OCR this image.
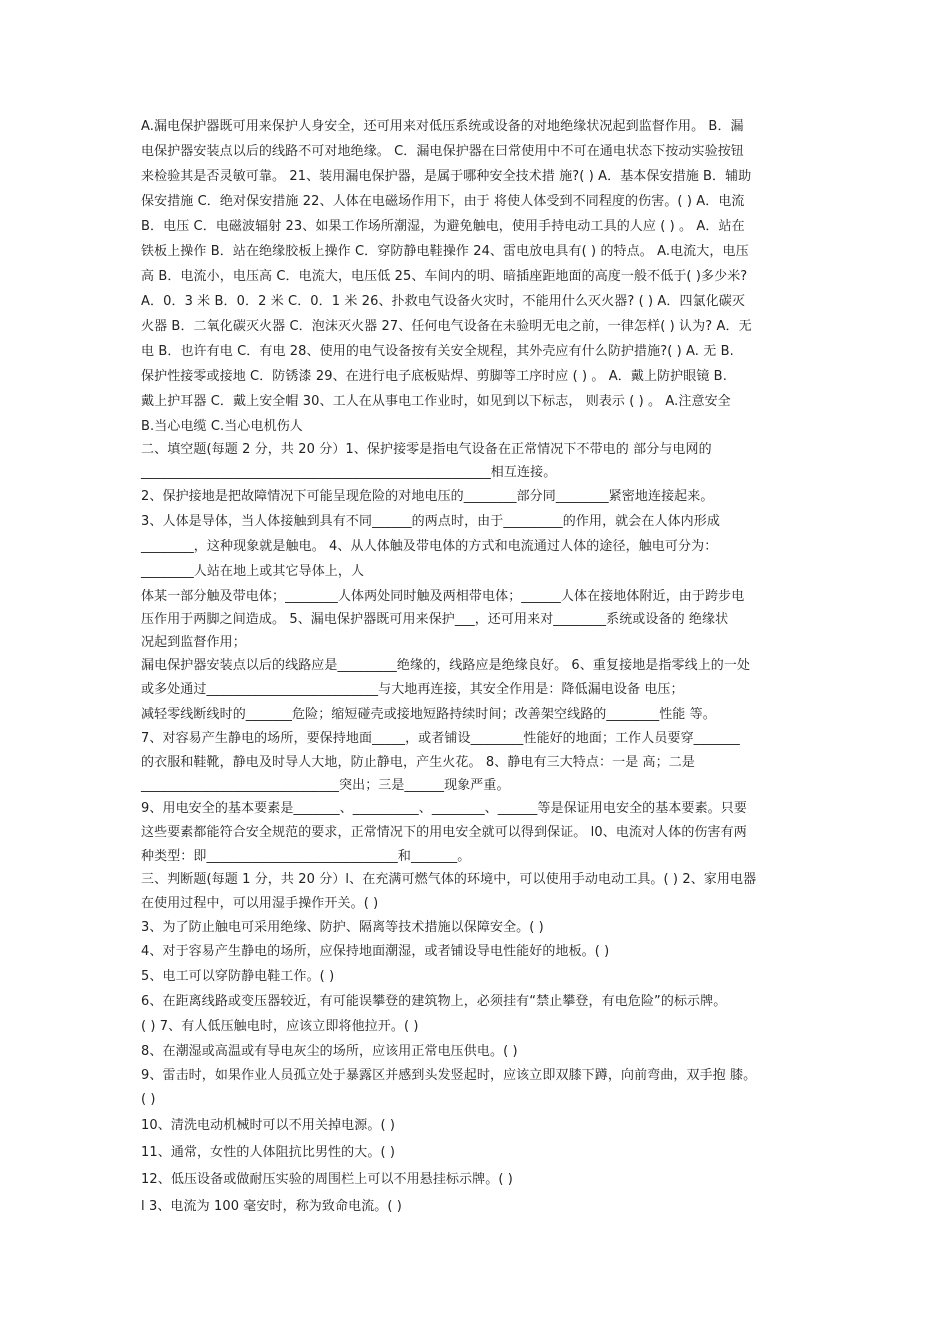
A.漏电保护器既可用来保护人身安全，还可用来对低压系统或设备的对地绝缘状况起到监督作用。 B．漏
电保护器安装点以后的线路不可对地绝缘。 C．漏电保护器在曰常使用中不可在通电状态下按动实验按钮
来检验其是否灵敏可靠。 21、装用漏电保护器，是属于哪种安全技术措 施?( ) A．基本保安措施 B．辅助
保安措施 C．绝对保安措施 22、人体在电磁场作用下，由于 将使人体受到不同程度的伤害。( ) A．电流
B．电压 C．电磁波辐射 23、如果工作场所潮湿，为避免触电，使用手持电动工具的人应 ( ) 。 A．站在
铁板上操作 B．站在绝缘胶板上操作 C．穿防静电鞋操作 24、雷电放电具有( ) 的特点。 A.电流大，电压
高 B．电流小，电压高 C．电流大，电压低 25、车间内的明、暗插座距地面的高度一般不低于( )多少米?
A．0．3 米 B．0．2 米 C．0．1 米 26、扑救电气设备火灾时，不能用什么灭火器? ( ) A．四氯化碳灭
火器 B．二氧化碳灭火器 C．泡沫灭火器 27、任何电气设备在未验明无电之前，一律怎样( ) 认为? A．无
电 B．也许有电 C．有电 28、使用的电气设备按有关安全规程，其外壳应有什么防护措施?( ) A. 无 B.
保护性接零或接地 C．防锈漆 29、在进行电子底板贴焊、剪脚等工序时应 ( ) 。 A．戴上防护眼镜 B.
戴上护耳器 C．戴上安全帽 30、工人在从事电工作业时，如见到以下标志， 则表示 ( ) 。 A.注意安全
B.当心电缆 C.当心电机伤人
二、填空题(每题 2 分，共 20 分）1、保护接零是指电气设备在正常情况下不带电的 部分与电网的
_____________________________________________________相互连接。
2、保护接地是把故障情况下可能呈现危险的对地电压的________部分同________紧密地连接起来。
3、人体是导体，当人体接触到具有不同______的两点时，由于_________的作用，就会在人体内形成
________，这种现象就是触电。 4、从人体触及带电体的方式和电流通过人体的途径，触电可分为：
________人站在地上或其它导体上，人
体某一部分触及带电体；________人体两处同时触及两相带电体；______人体在接地体附近，由于跨步电
压作用于两脚之间造成。 5、漏电保护器既可用来保护___，还可用来对________系统或设备的 绝缘状
况起到监督作用；
漏电保护器安装点以后的线路应是_________绝缘的，线路应是绝缘良好。 6、重复接地是指零线上的一处
或多处通过__________________________与大地再连接，其安全作用是：降低漏电设备 电压；
减轻零线断线时的_______危险；缩短碰壳或接地短路持续时间；改善架空线路的________性能 等。
7、对容易产生静电的场所，要保持地面_____，或者铺设________性能好的地面；工作人员要穿_______
的衣服和鞋靴，静电及时导人大地，防止静电，产生火花。 8、静电有三大特点：一是 高；二是
______________________________突出；三是______现象严重。
9、用电安全的基本要素是_______、__________、________、______等是保证用电安全的基本要素。只要
这些要素都能符合安全规范的要求，正常情况下的用电安全就可以得到保证。 l0、电流对人体的伤害有两
种类型：即_____________________________和_______。
三、判断题(每题 1 分，共 20 分）l、在充满可燃气体的环境中，可以使用手动电动工具。( ) 2、家用电器
在使用过程中，可以用湿手操作开关。( )
3、为了防止触电可采用绝缘、防护、隔离等技术措施以保障安全。( )
4、对于容易产生静电的场所，应保持地面潮湿，或者铺设导电性能好的地板。( )
5、电工可以穿防静电鞋工作。( )
6、在距离线路或变压器较近，有可能误攀登的建筑物上，必须挂有“禁止攀登，有电危险”的标示牌。
( ) 7、有人低压触电时，应该立即将他拉开。( )
8、在潮湿或高温或有导电灰尘的场所，应该用正常电压供电。( )
9、雷击时，如果作业人员孤立处于暴露区并感到头发竖起时，应该立即双膝下蹲，向前弯曲，双手抱 膝。
( )
10、清洗电动机械时可以不用关掉电源。( )
11、通常，女性的人体阻抗比男性的大。( )
12、低压设备或做耐压实验的周围栏上可以不用悬挂标示牌。( )
l 3、电流为 100 毫安时，称为致命电流。( )
